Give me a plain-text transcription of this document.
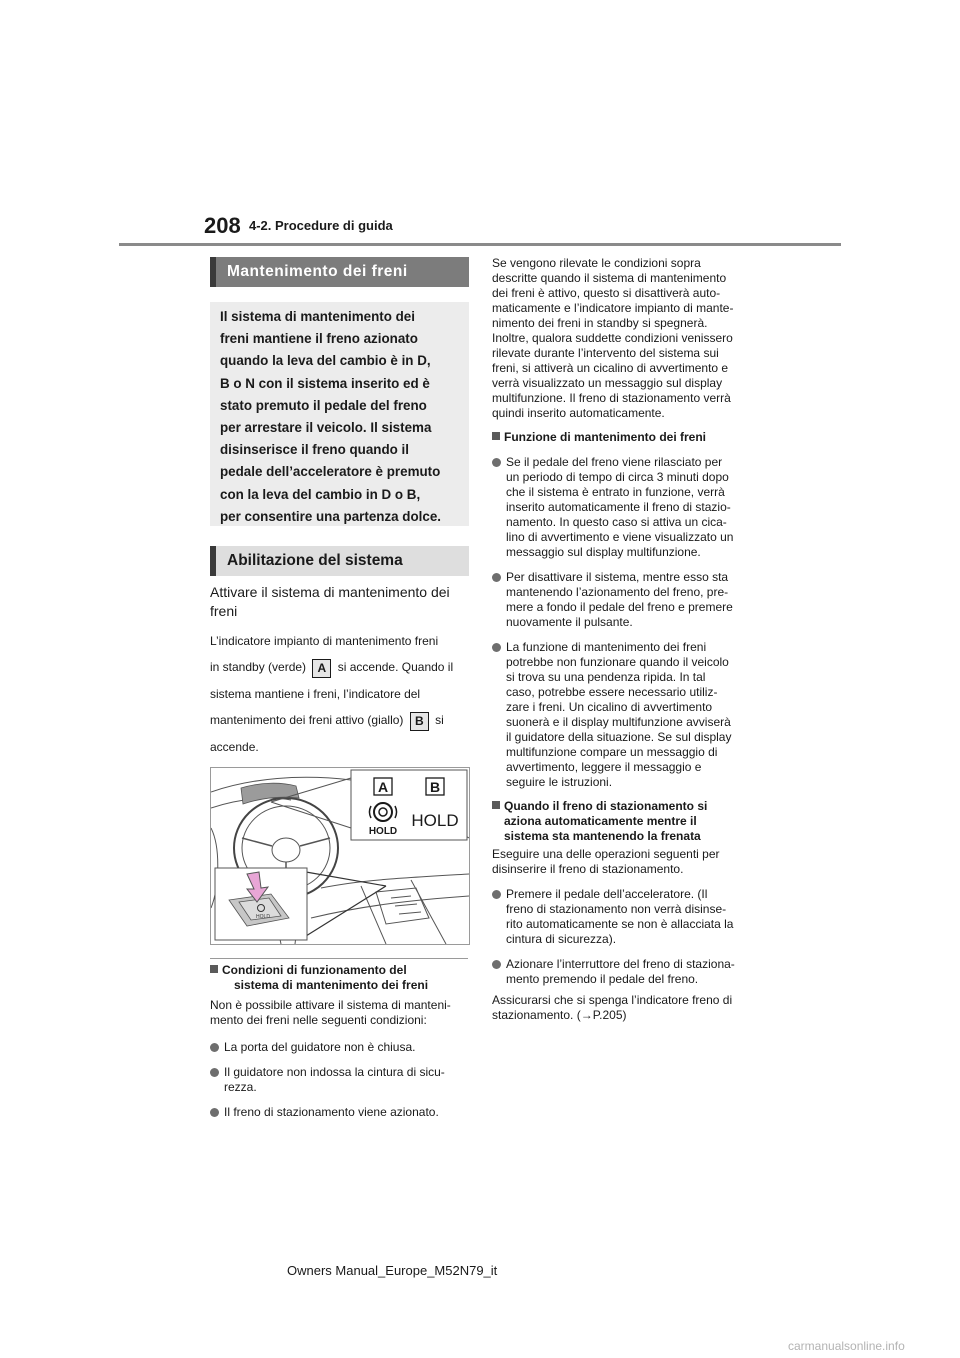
208 4-2. Procedure di guida
Mantenimento dei freni
Il sistema di mantenimento dei
freni mantiene il freno azionato
quando la leva del cambio è in D,
B o N con il sistema inserito ed è
stato premuto il pedale del freno
per arrestare il veicolo. Il sistema
disinserisce il freno quando il
pedale dell’acceleratore è premuto
con la leva del cambio in D o B,
per consentire una partenza dolce.
Abilitazione del sistema
Attivare il sistema di mantenimento dei
freni
L’indicatore impianto di mantenimento freni
in standby (verde) A si accende. Quando il
sistema mantiene i freni, l’indicatore del
mantenimento dei freni attivo (giallo) B si
accende.
A	B
HOLD
HOLD
HOLD
Condizioni di funzionamento del
sistema di mantenimento dei freni
Non è possibile attivare il sistema di manteni-
mento dei freni nelle seguenti condizioni:
La porta del guidatore non è chiusa.
Il guidatore non indossa la cintura di sicu-
rezza.
Il freno di stazionamento viene azionato.
Se vengono rilevate le condizioni sopra
descritte quando il sistema di mantenimento
dei freni è attivo, questo si disattiverà auto-
maticamente e l’indicatore impianto di mante-
nimento dei freni in standby si spegnerà.
Inoltre, qualora suddette condizioni venissero
rilevate durante l’intervento del sistema sui
freni, si attiverà un cicalino di avvertimento e
verrà visualizzato un messaggio sul display
multifunzione. Il freno di stazionamento verrà
quindi inserito automaticamente.
Funzione di mantenimento dei freni
Se il pedale del freno viene rilasciato per
un periodo di tempo di circa 3 minuti dopo
che il sistema è entrato in funzione, verrà
inserito automaticamente il freno di stazio-
namento. In questo caso si attiva un cica-
lino di avvertimento e viene visualizzato un
messaggio sul display multifunzione.
Per disattivare il sistema, mentre esso sta
mantenendo l’azionamento del freno, pre-
mere a fondo il pedale del freno e premere
nuovamente il pulsante.
La funzione di mantenimento dei freni
potrebbe non funzionare quando il veicolo
si trova su una pendenza ripida. In tal
caso, potrebbe essere necessario utiliz-
zare i freni. Un cicalino di avvertimento
suonerà e il display multifunzione avviserà
il guidatore della situazione. Se sul display
multifunzione compare un messaggio di
avvertimento, leggere il messaggio e
seguire le istruzioni.
Quando il freno di stazionamento si
aziona automaticamente mentre il
sistema sta mantenendo la frenata
Eseguire una delle operazioni seguenti per
disinserire il freno di stazionamento.
Premere il pedale dell’acceleratore. (Il
freno di stazionamento non verrà disinse-
rito automaticamente se non è allacciata la
cintura di sicurezza).
Azionare l’interruttore del freno di staziona-
mento premendo il pedale del freno.
Assicurarsi che si spenga l’indicatore freno di
stazionamento. (→P.205)
Owners Manual_Europe_M52N79_it
carmanualsonline.info
